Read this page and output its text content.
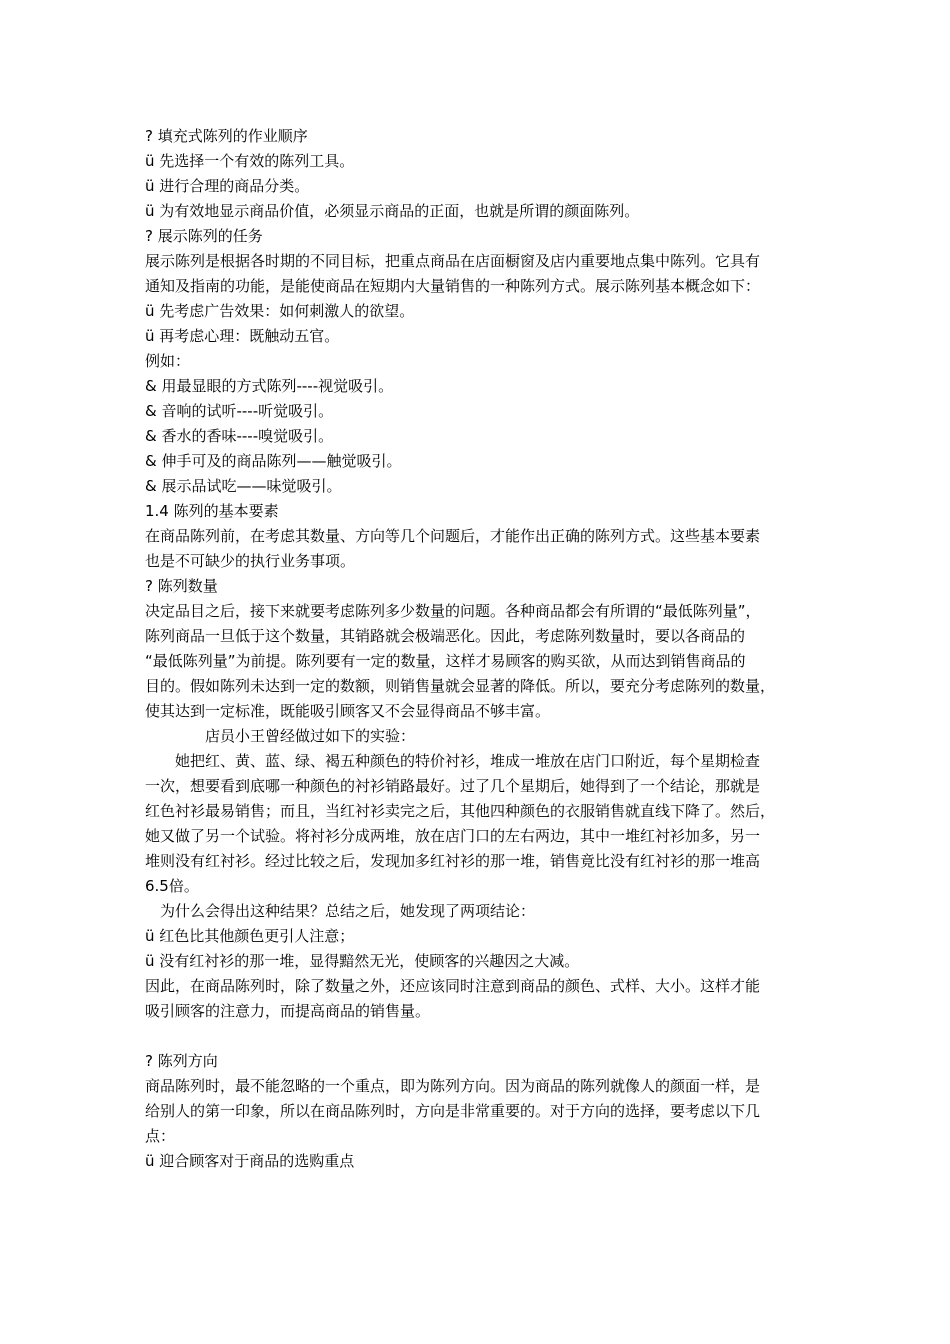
? 填充式陈列的作业顺序
ü 先选择一个有效的陈列工具。
ü 进行合理的商品分类。
ü 为有效地显示商品价值，必须显示商品的正面，也就是所谓的颜面陈列。
? 展示陈列的任务
展示陈列是根据各时期的不同目标，把重点商品在店面橱窗及店内重要地点集中陈列。它具有
通知及指南的功能，是能使商品在短期内大量销售的一种陈列方式。展示陈列基本概念如下：
ü 先考虑广告效果：如何刺激人的欲望。
ü 再考虑心理：既触动五官。
例如：
& 用最显眼的方式陈列----视觉吸引。
& 音响的试听----听觉吸引。
& 香水的香味----嗅觉吸引。
& 伸手可及的商品陈列——触觉吸引。
& 展示品试吃——味觉吸引。
1.4 陈列的基本要素
在商品陈列前，在考虑其数量、方向等几个问题后，才能作出正确的陈列方式。这些基本要素
也是不可缺少的执行业务事项。
? 陈列数量
决定品目之后，接下来就要考虑陈列多少数量的问题。各种商品都会有所谓的“最低陈列量”，
陈列商品一旦低于这个数量，其销路就会极端恶化。因此，考虑陈列数量时，要以各商品的
“最低陈列量”为前提。陈列要有一定的数量，这样才易顾客的购买欲，从而达到销售商品的
目的。假如陈列未达到一定的数额，则销售量就会显著的降低。所以，要充分考虑陈列的数量，
使其达到一定标准，既能吸引顾客又不会显得商品不够丰富。
店员小王曾经做过如下的实验：
她把红、黄、蓝、绿、褐五种颜色的特价衬衫，堆成一堆放在店门口附近，每个星期检查
一次，想要看到底哪一种颜色的衬衫销路最好。过了几个星期后，她得到了一个结论，那就是
红色衬衫最易销售；而且，当红衬衫卖完之后，其他四种颜色的衣服销售就直线下降了。然后，
她又做了另一个试验。将衬衫分成两堆，放在店门口的左右两边，其中一堆红衬衫加多，另一
堆则没有红衬衫。经过比较之后，发现加多红衬衫的那一堆，销售竟比没有红衬衫的那一堆高
6.5倍。
为什么会得出这种结果？总结之后，她发现了两项结论：
ü 红色比其他颜色更引人注意；
ü 没有红衬衫的那一堆，显得黯然无光，使顾客的兴趣因之大减。
因此，在商品陈列时，除了数量之外，还应该同时注意到商品的颜色、式样、大小。这样才能
吸引顾客的注意力，而提高商品的销售量。
? 陈列方向
商品陈列时，最不能忽略的一个重点，即为陈列方向。因为商品的陈列就像人的颜面一样，是
给别人的第一印象，所以在商品陈列时，方向是非常重要的。对于方向的选择，要考虑以下几
点：
ü 迎合顾客对于商品的选购重点
